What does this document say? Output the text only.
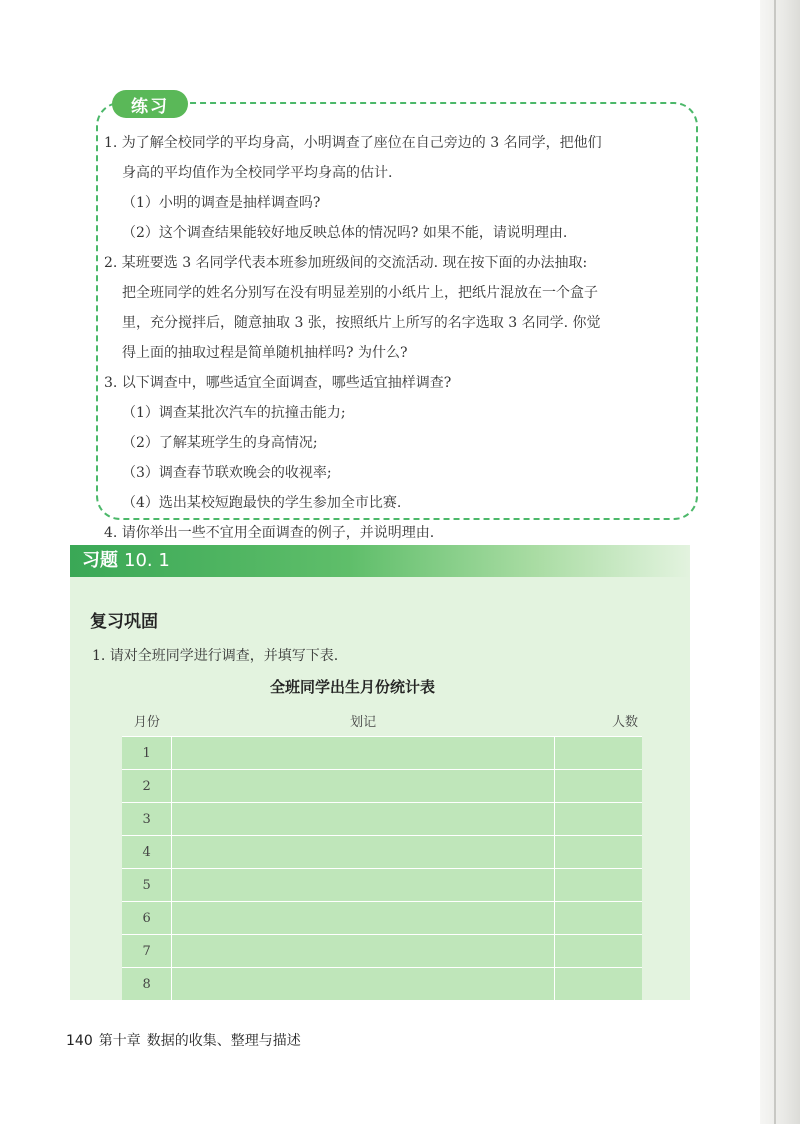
练习

1. 为了解全校同学的平均身高，小明调查了座位在自己旁边的 3 名同学，把他们

身高的平均值作为全校同学平均身高的估计.

（1）小明的调查是抽样调查吗?

（2）这个调查结果能较好地反映总体的情况吗? 如果不能，请说明理由.

2. 某班要选 3 名同学代表本班参加班级间的交流活动. 现在按下面的办法抽取:

把全班同学的姓名分别写在没有明显差别的小纸片上，把纸片混放在一个盒子

里，充分搅拌后，随意抽取 3 张，按照纸片上所写的名字选取 3 名同学. 你觉

得上面的抽取过程是简单随机抽样吗? 为什么?

3. 以下调查中，哪些适宜全面调查，哪些适宜抽样调查?

（1）调查某批次汽车的抗撞击能力;

（2）了解某班学生的身高情况;

（3）调查春节联欢晚会的收视率;

（4）选出某校短跑最快的学生参加全市比赛.

4. 请你举出一些不宜用全面调查的例子，并说明理由.

习题 10. 1
复习巩固
1. 请对全班同学进行调查，并填写下表.
全班同学出生月份统计表
月份	划记	人数
1		
2		
3		
4		
5		
6		
7		
8		
140 第十章 数据的收集、整理与描述
